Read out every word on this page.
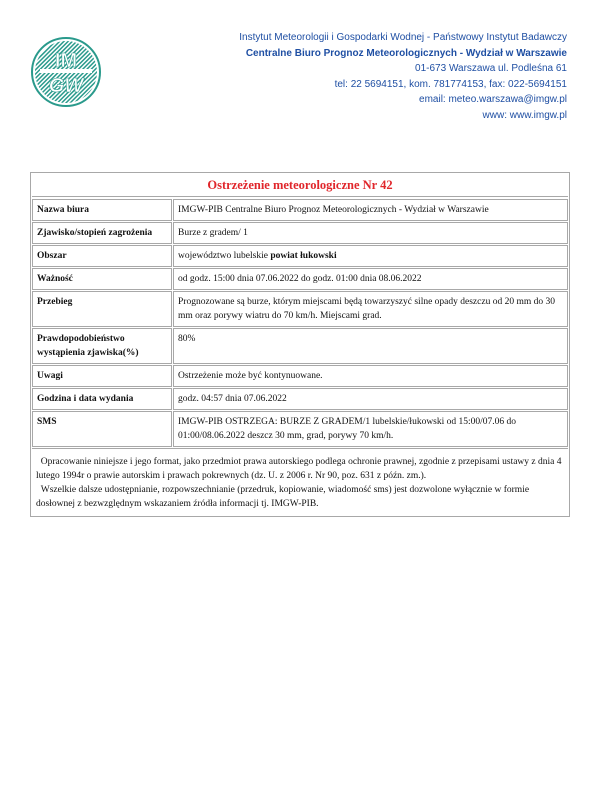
IM
GW
Instytut Meteorologii i Gospodarki Wodnej - Państwowy Instytut Badawczy
Centralne Biuro Prognoz Meteorologicznych - Wydział w Warszawie
01-673 Warszawa ul. Podleśna 61
tel: 22 5694151, kom. 781774153, fax: 022-5694151
email: meteo.warszawa@imgw.pl
www: www.imgw.pl
Ostrzeżenie meteorologiczne Nr 42
Nazwa biura	IMGW-PIB Centralne Biuro Prognoz Meteorologicznych - Wydział w Warszawie
Zjawisko/stopień zagrożenia	Burze z gradem/ 1
Obszar	województwo lubelskie powiat łukowski
Ważność	od godz. 15:00 dnia 07.06.2022 do godz. 01:00 dnia 08.06.2022
Przebieg	Prognozowane są burze, którym miejscami będą towarzyszyć silne opady deszczu od 20 mm do 30 mm oraz porywy wiatru do 70 km/h. Miejscami grad.
Prawdopodobieństwo wystąpienia zjawiska(%)	80%
Uwagi	Ostrzeżenie może być kontynuowane.
Godzina i data wydania	godz. 04:57 dnia 07.06.2022
SMS	IMGW-PIB OSTRZEGA: BURZE Z GRADEM/1 lubelskie/łukowski od 15:00/07.06 do 01:00/08.06.2022 deszcz 30 mm, grad, porywy 70 km/h.

Opracowanie niniejsze i jego format, jako przedmiot prawa autorskiego podlega ochronie prawnej, zgodnie z przepisami ustawy z dnia 4 lutego 1994r o prawie autorskim i prawach pokrewnych (dz. U. z 2006 r. Nr 90, poz. 631 z późn. zm.).

Wszelkie dalsze udostępnianie, rozpowszechnianie (przedruk, kopiowanie, wiadomość sms) jest dozwolone wyłącznie w formie dosłownej z bezwzględnym wskazaniem źródła informacji tj. IMGW-PIB.
